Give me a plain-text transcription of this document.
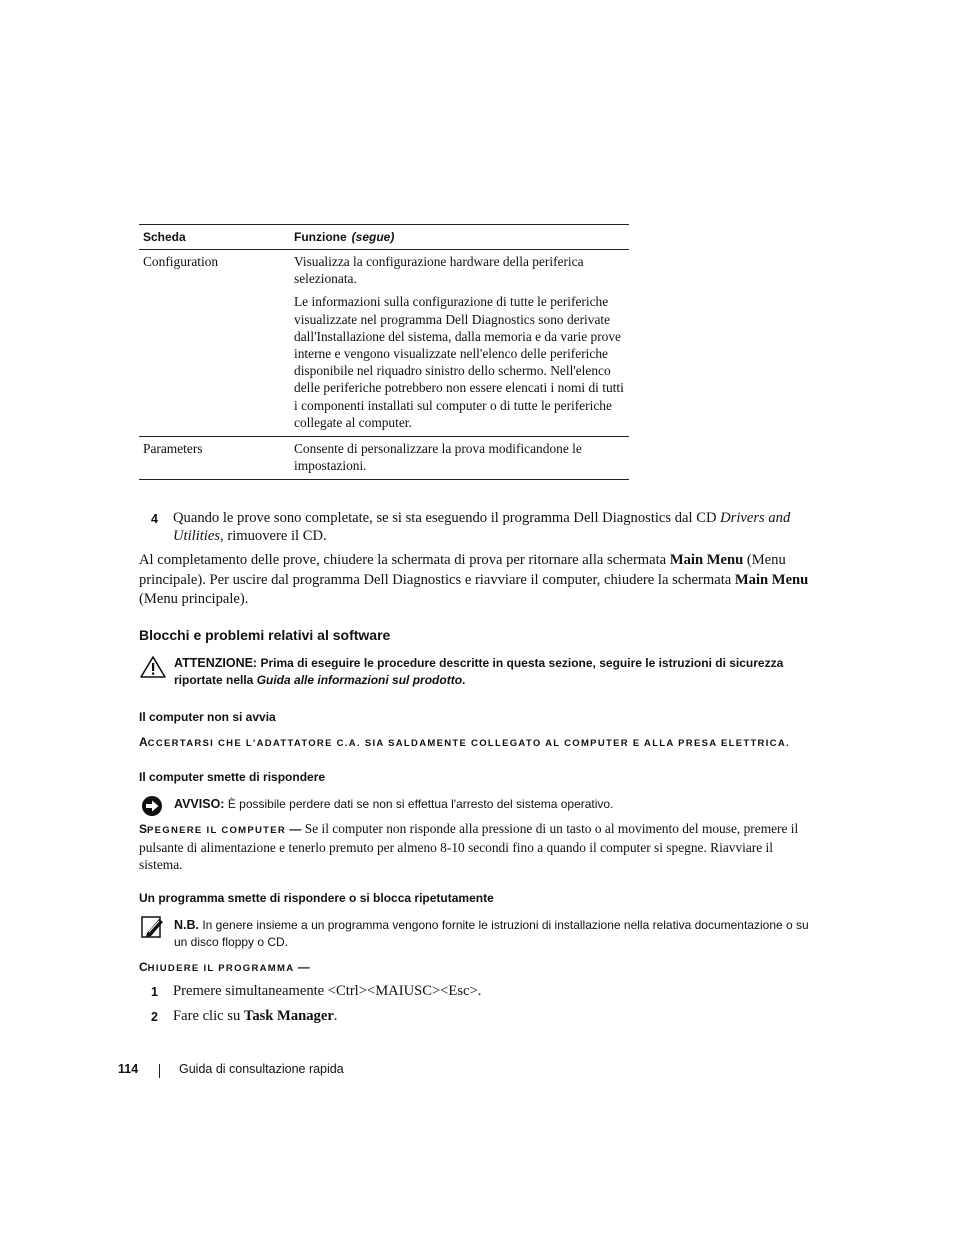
Scheda	Funzione (segue)
Configuration	Visualizza la configurazione hardware della periferica selezionata.

Le informazioni sulla configurazione di tutte le periferiche visualizzate nel programma Dell Diagnostics sono derivate dall'Installazione del sistema, dalla memoria e da varie prove interne e vengono visualizzate nell'elenco delle periferiche disponibile nel riquadro sinistro dello schermo. Nell'elenco delle periferiche potrebbero non essere elencati i nomi di tutti i componenti installati sul computer o di tutte le periferiche collegate al computer.

Parameters	Consente di personalizzare la prova modificandone le impostazioni.

4 Quando le prove sono completate, se si sta eseguendo il programma Dell Diagnostics dal CD Drivers and Utilities, rimuovere il CD.
Al completamento delle prove, chiudere la schermata di prova per ritornare alla schermata Main Menu (Menu principale). Per uscire dal programma Dell Diagnostics e riavviare il computer, chiudere la schermata Main Menu (Menu principale).
Blocchi e problemi relativi al software
ATTENZIONE: Prima di eseguire le procedure descritte in questa sezione, seguire le istruzioni di sicurezza riportate nella Guida alle informazioni sul prodotto.
Il computer non si avvia
ACCERTARSI CHE L'ADATTATORE C.A. SIA SALDAMENTE COLLEGATO AL COMPUTER E ALLA PRESA ELETTRICA.
Il computer smette di rispondere
AVVISO: È possibile perdere dati se non si effettua l'arresto del sistema operativo.
SPEGNERE IL COMPUTER — Se il computer non risponde alla pressione di un tasto o al movimento del mouse, premere il pulsante di alimentazione e tenerlo premuto per almeno 8-10 secondi fino a quando il computer si spegne. Riavviare il sistema.
Un programma smette di rispondere o si blocca ripetutamente
N.B. In genere insieme a un programma vengono fornite le istruzioni di installazione nella relativa documentazione o su un disco floppy o CD.
CHIUDERE IL PROGRAMMA —
1 Premere simultaneamente <Ctrl><MAIUSC><Esc>.
2 Fare clic su Task Manager.
114	Guida di consultazione rapida
